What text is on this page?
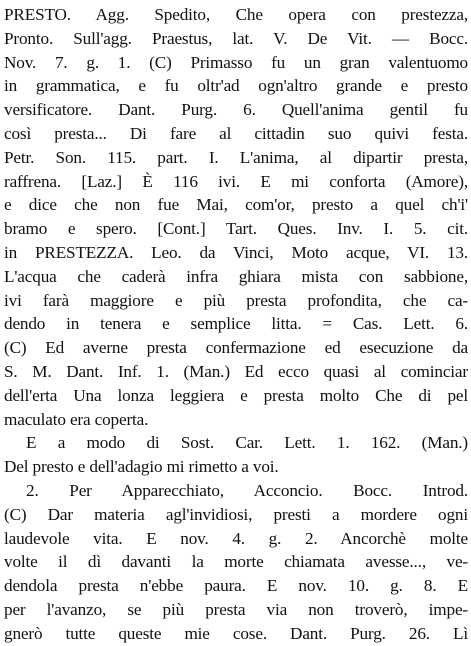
PRESTO. Agg. Spedito, Che opera con prestezza,
Pronto. Sull'agg. Praestus, lat. V. De Vit. — Bocc.
Nov. 7. g. 1. (C) Primasso fu un gran valentuomo
in grammatica, e fu oltr'ad ogn'altro grande e presto
versificatore. Dant. Purg. 6. Quell'anima gentil fu
così presta... Di fare al cittadin suo quivi festa.
Petr. Son. 115. part. I. L'anima, al dipartir presta,
raffrena. [Laz.] È 116 ivi. E mi conforta (Amore),
e dice che non fue Mai, com'or, presto a quel ch'i'
bramo e spero. [Cont.] Tart. Ques. Inv. I. 5. cit.
in PRESTEZZA. Leo. da Vinci, Moto acque, VI. 13.
L'acqua che caderà infra ghiara mista con sabbione,
ivi farà maggiore e più presta profondita, che ca-
dendo in tenera e semplice litta. = Cas. Lett. 6.
(C) Ed averne presta confermazione ed esecuzione da
S. M. Dant. Inf. 1. (Man.) Ed ecco quasi al cominciar
dell'erta Una lonza leggiera e presta molto Che di pel
maculato era coperta.
E a modo di Sost. Car. Lett. 1. 162. (Man.)
Del presto e dell'adagio mi rimetto a voi.
2. Per Apparecchiato, Acconcio. Bocc. Introd.
(C) Dar materia agl'invidiosi, presti a mordere ogni
laudevole vita. E nov. 4. g. 2. Ancorchè molte
volte il dì davanti la morte chiamata avesse..., ve-
dendola presta n'ebbe paura. E nov. 10. g. 8. E
per l'avanzo, se più presta via non troverò, impe-
gnerò tutte queste mie cose. Dant. Purg. 26. Lì
